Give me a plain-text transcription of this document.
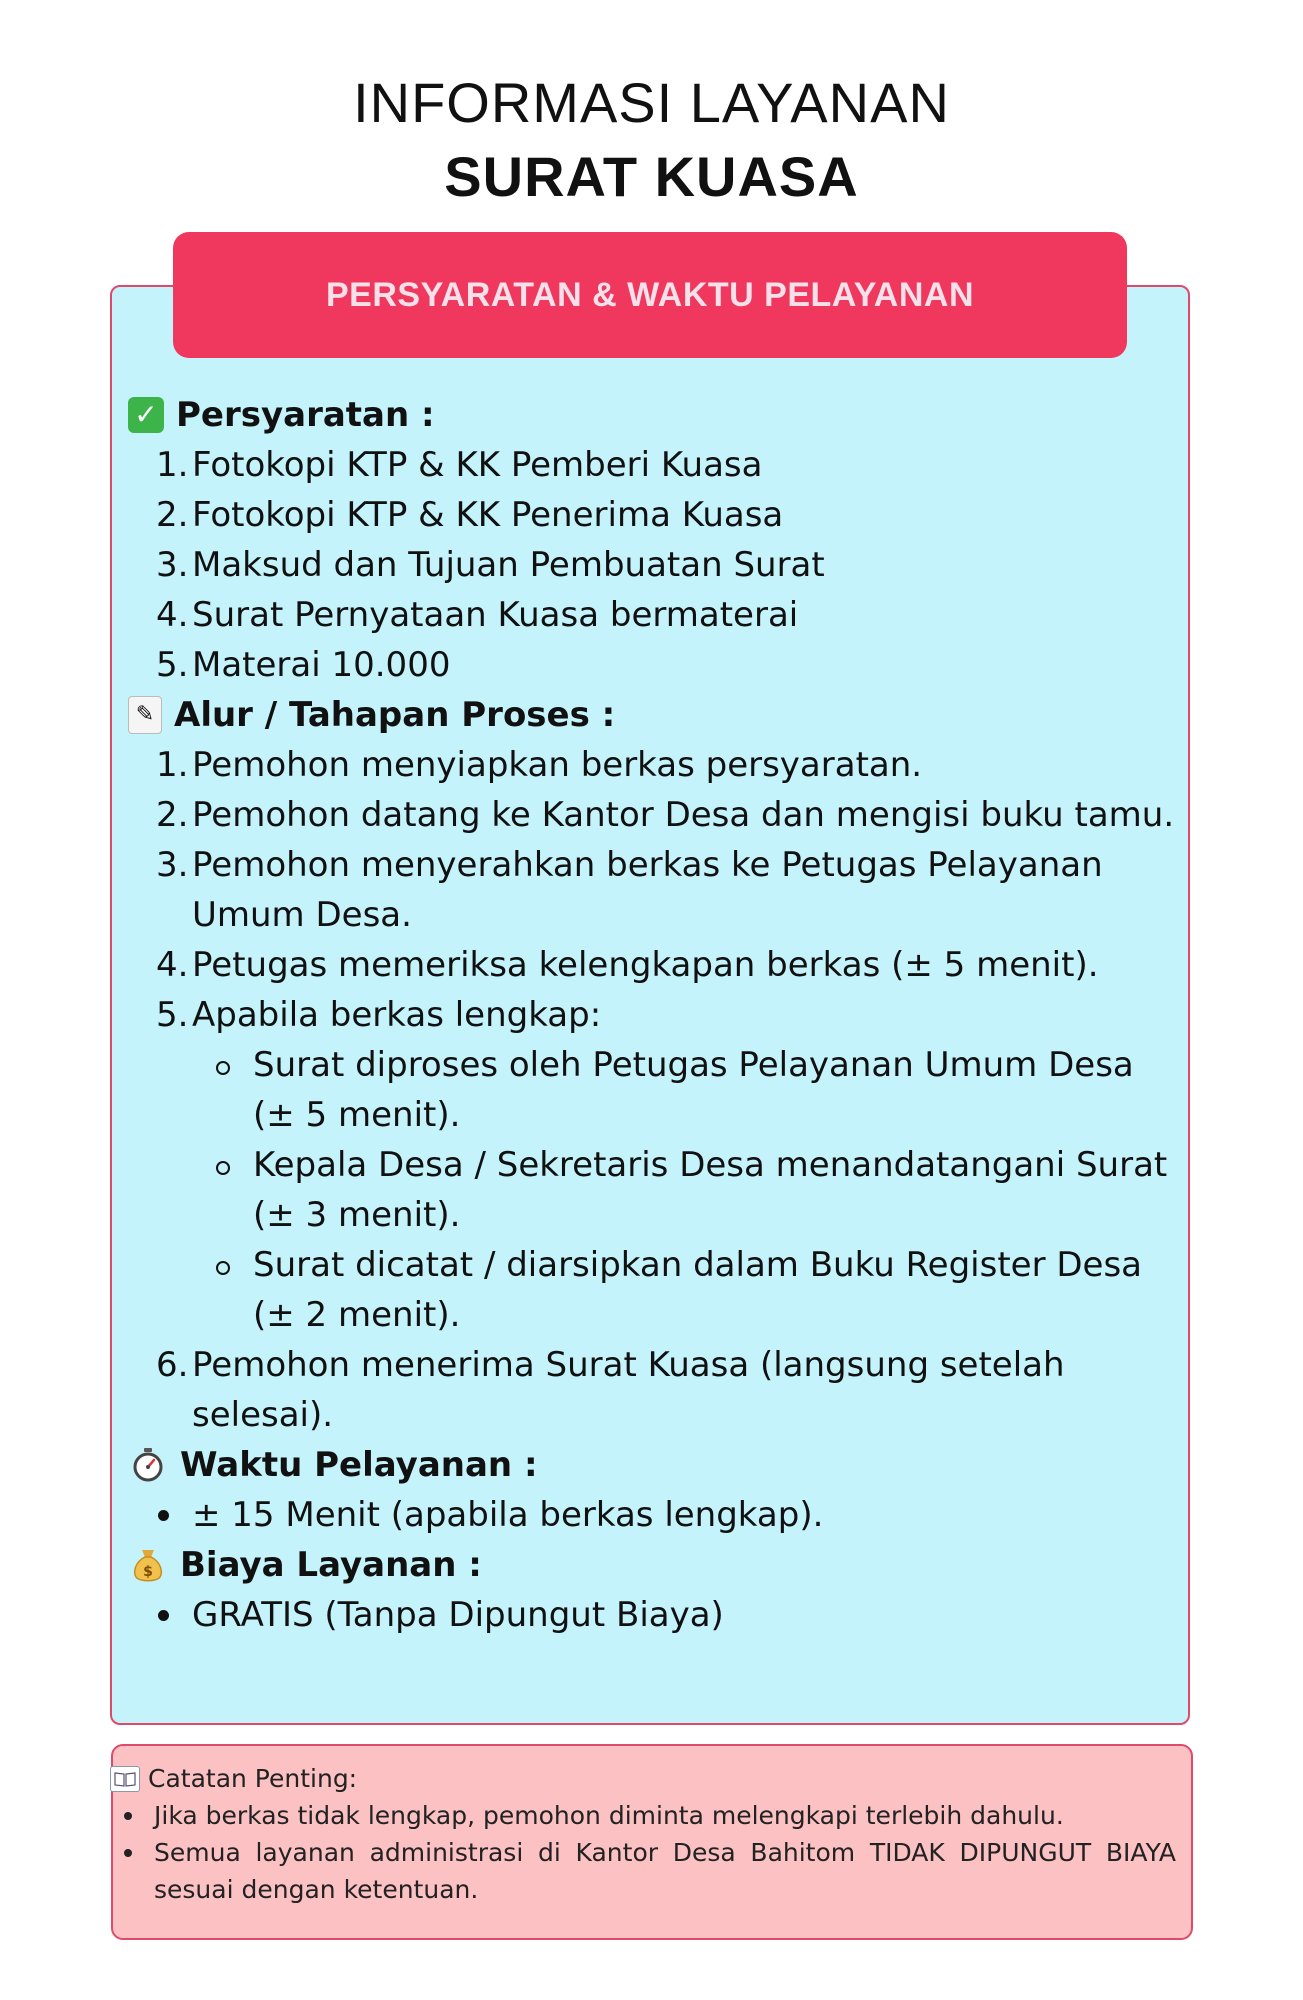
INFORMASI LAYANAN
SURAT KUASA
PERSYARATAN & WAKTU PELAYANAN
✓ Persyaratan :
1. Fotokopi KTP & KK Pemberi Kuasa
2. Fotokopi KTP & KK Penerima Kuasa
3. Maksud dan Tujuan Pembuatan Surat
4. Surat Pernyataan Kuasa bermaterai
5. Materai 10.000
✎ Alur / Tahapan Proses :
1. Pemohon menyiapkan berkas persyaratan.
2. Pemohon datang ke Kantor Desa dan mengisi buku tamu.
3. Pemohon menyerahkan berkas ke Petugas Pelayanan Umum Desa.
4. Petugas memeriksa kelengkapan berkas (± 5 menit).
5. Apabila berkas lengkap:
Surat diproses oleh Petugas Pelayanan Umum Desa (± 5 menit).
Kepala Desa / Sekretaris Desa menandatangani Surat (± 3 menit).
Surat dicatat / diarsipkan dalam Buku Register Desa (± 2 menit).
6. Pemohon menerima Surat Kuasa (langsung setelah selesai).
Waktu Pelayanan :
± 15 Menit (apabila berkas lengkap).
$ Biaya Layanan :
GRATIS (Tanpa Dipungut Biaya)
Catatan Penting:
Jika berkas tidak lengkap, pemohon diminta melengkapi terlebih dahulu.
Semua layanan administrasi di Kantor Desa Bahitom TIDAK DIPUNGUT BIAYA sesuai dengan ketentuan.
